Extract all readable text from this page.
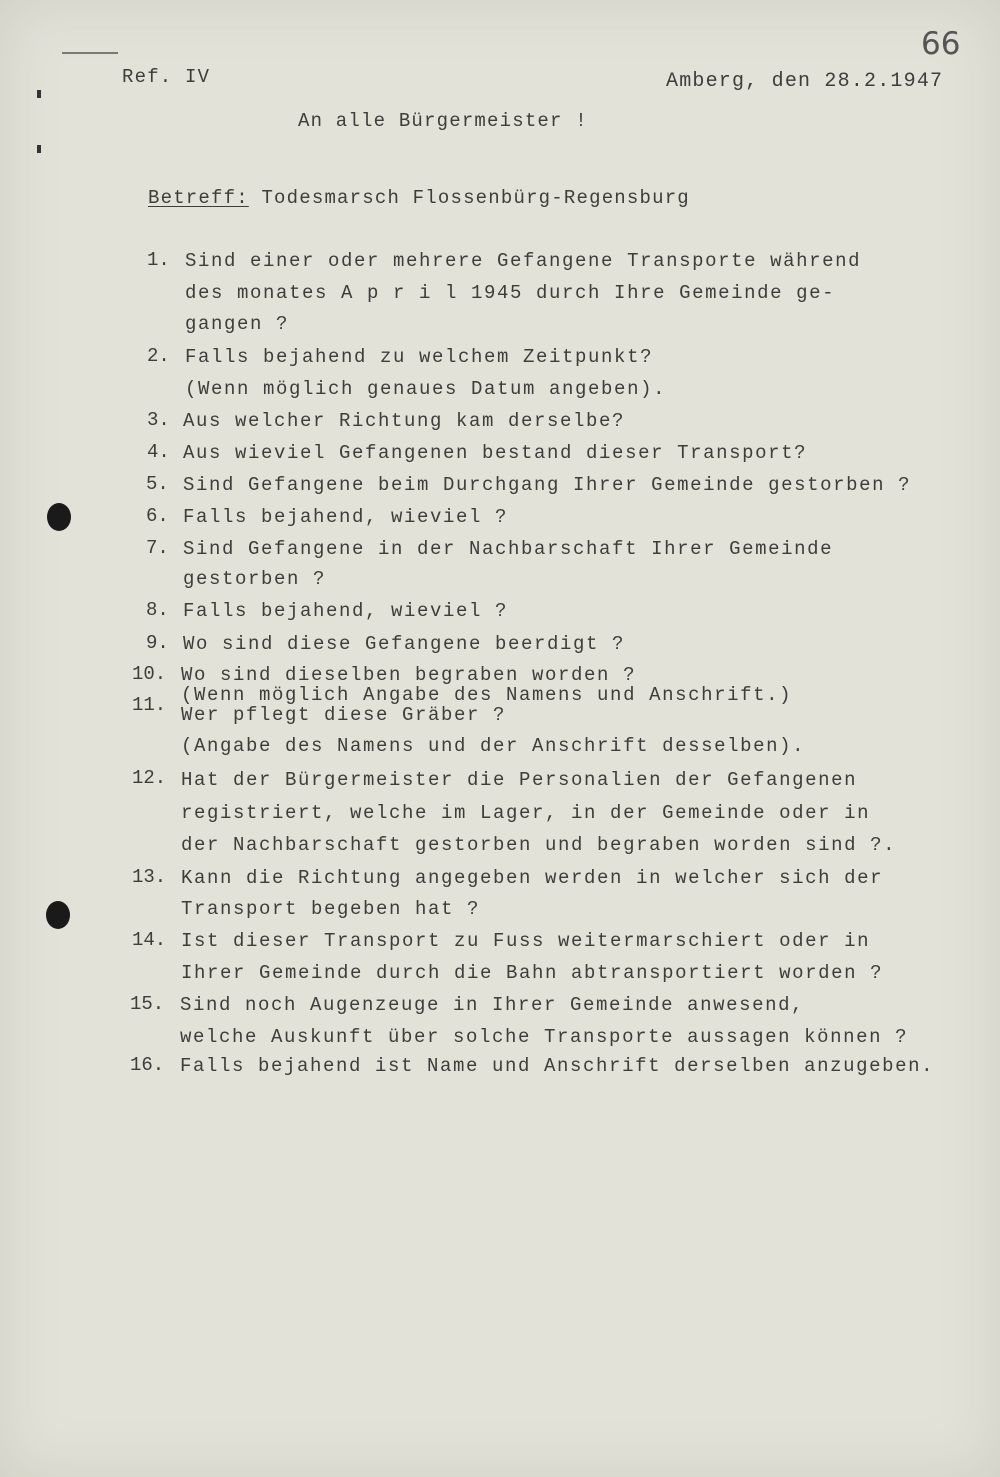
66
Ref. IV	Amberg, den 28.2.1947
An alle Bürgermeister !
Betreff: Todesmarsch Flossenbürg-Regensburg
1. Sind einer oder mehrere Gefangene Transporte während
des monates A p r i l 1945 durch Ihre Gemeinde ge-
gangen ?
2. Falls bejahend zu welchem Zeitpunkt?
(Wenn möglich genaues Datum angeben).
3. Aus welcher Richtung kam derselbe?
4. Aus wieviel Gefangenen bestand dieser Transport?
5. Sind Gefangene beim Durchgang Ihrer Gemeinde gestorben ?
6. Falls bejahend, wieviel ?
7. Sind Gefangene in der Nachbarschaft Ihrer Gemeinde
gestorben ?
8. Falls bejahend, wieviel ?
9. Wo sind diese Gefangene beerdigt ?
10. Wo sind dieselben begraben worden ?
(Wenn möglich Angabe des Namens und Anschrift.)
11. Wer pflegt diese Gräber ?
(Angabe des Namens und der Anschrift desselben).
12. Hat der Bürgermeister die Personalien der Gefangenen
registriert, welche im Lager, in der Gemeinde oder in
der Nachbarschaft gestorben und begraben worden sind ?.
13. Kann die Richtung angegeben werden in welcher sich der
Transport begeben hat ?
14. Ist dieser Transport zu Fuss weitermarschiert oder in
Ihrer Gemeinde durch die Bahn abtransportiert worden ?
15. Sind noch Augenzeuge in Ihrer Gemeinde anwesend,
welche Auskunft über solche Transporte aussagen können ?
16. Falls bejahend ist Name und Anschrift derselben anzugeben.
